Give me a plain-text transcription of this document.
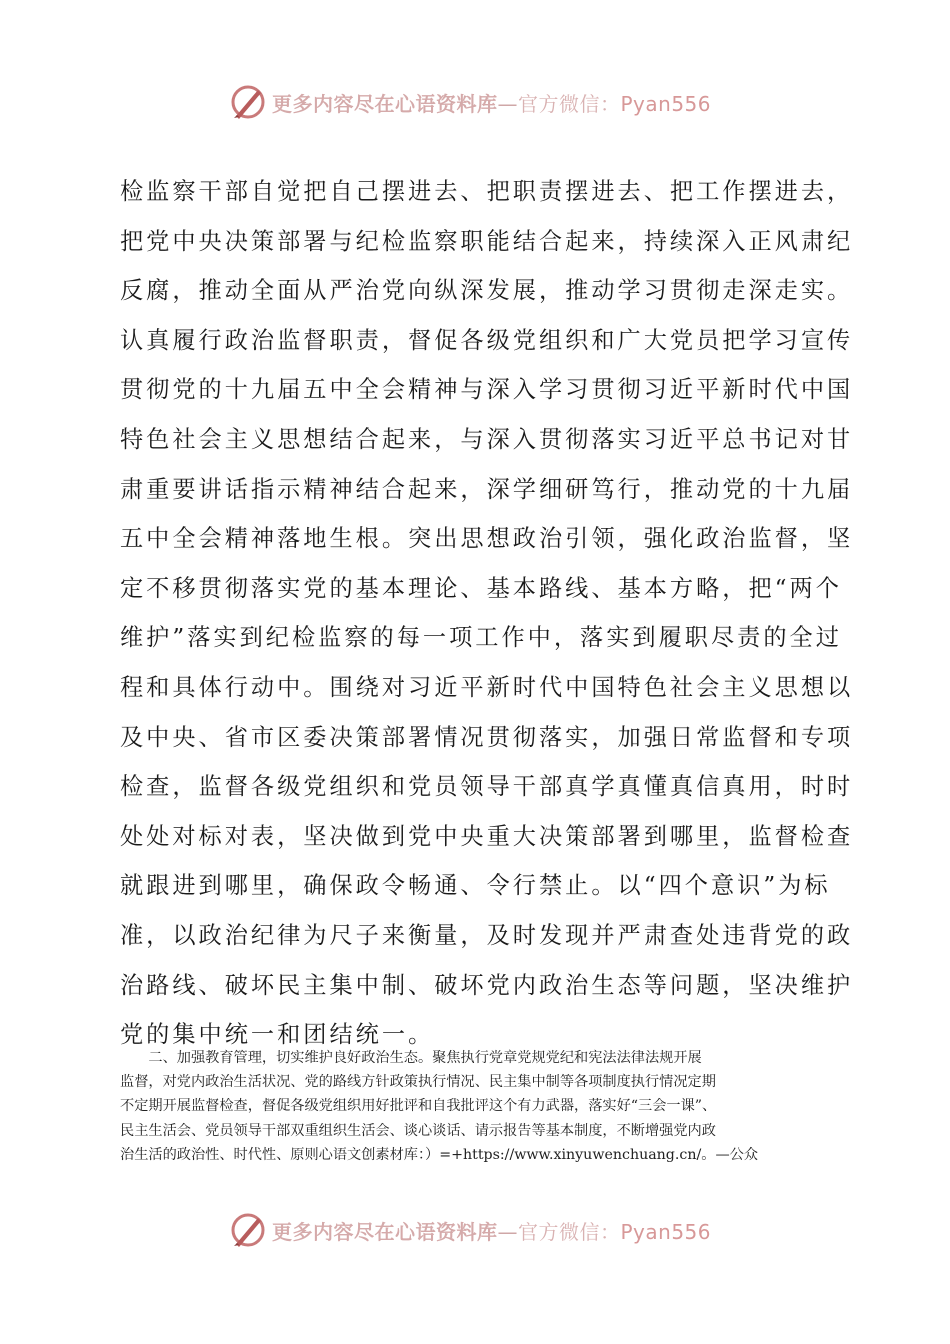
更多内容尽在心语资料库—官方微信：Pyan556
检监察干部自觉把自己摆进去、把职责摆进去、把工作摆进去，
把党中央决策部署与纪检监察职能结合起来，持续深入正风肃纪
反腐，推动全面从严治党向纵深发展，推动学习贯彻走深走实。
认真履行政治监督职责，督促各级党组织和广大党员把学习宣传
贯彻党的十九届五中全会精神与深入学习贯彻习近平新时代中国
特色社会主义思想结合起来，与深入贯彻落实习近平总书记对甘
肃重要讲话指示精神结合起来，深学细研笃行，推动党的十九届
五中全会精神落地生根。突出思想政治引领，强化政治监督，坚
定不移贯彻落实党的基本理论、基本路线、基本方略，把“两个
维护”落实到纪检监察的每一项工作中，落实到履职尽责的全过
程和具体行动中。围绕对习近平新时代中国特色社会主义思想以
及中央、省市区委决策部署情况贯彻落实，加强日常监督和专项
检查，监督各级党组织和党员领导干部真学真懂真信真用，时时
处处对标对表，坚决做到党中央重大决策部署到哪里，监督检查
就跟进到哪里，确保政令畅通、令行禁止。以“四个意识”为标
准，以政治纪律为尺子来衡量，及时发现并严肃查处违背党的政
治路线、破坏民主集中制、破坏党内政治生态等问题，坚决维护
党的集中统一和团结统一。
　　二、加强教育管理，切实维护良好政治生态。聚焦执行党章党规党纪和宪法法律法规开展
监督，对党内政治生活状况、党的路线方针政策执行情况、民主集中制等各项制度执行情况定期
不定期开展监督检查，督促各级党组织用好批评和自我批评这个有力武器，落实好“三会一课”、
民主生活会、党员领导干部双重组织生活会、谈心谈话、请示报告等基本制度，不断增强党内政
治生活的政治性、时代性、原则心语文创素材库：）=+https://www.xinyuwenchuang.cn/。—公众
更多内容尽在心语资料库—官方微信：Pyan556
